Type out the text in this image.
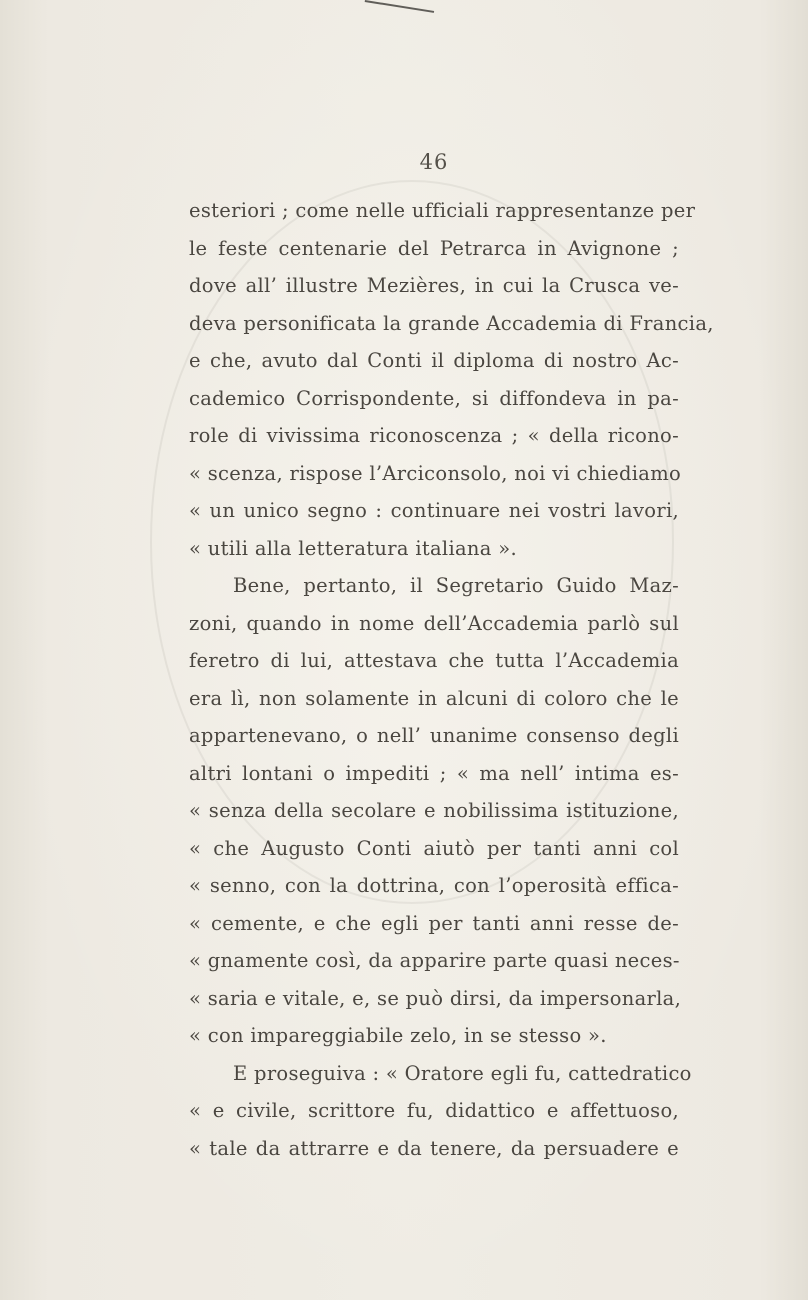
46
esteriori ; come nelle ufficiali rappresentanze per
le feste centenarie del Petrarca in Avignone ;
dove all’ illustre Mezières, in cui la Crusca ve-
deva personificata la grande Accademia di Francia,
e che, avuto dal Conti il diploma di nostro Ac-
cademico Corrispondente, si diffondeva in pa-
role di vivissima riconoscenza ; « della ricono-
« scenza, rispose l’Arciconsolo, noi vi chiediamo
« un unico segno : continuare nei vostri lavori,
« utili alla letteratura italiana ».
Bene, pertanto, il Segretario Guido Maz-
zoni, quando in nome dell’Accademia parlò sul
feretro di lui, attestava che tutta l’Accademia
era lì, non solamente in alcuni di coloro che le
appartenevano, o nell’ unanime consenso degli
altri lontani o impediti ; « ma nell’ intima es-
« senza della secolare e nobilissima istituzione,
« che Augusto Conti aiutò per tanti anni col
« senno, con la dottrina, con l’operosità effica-
« cemente, e che egli per tanti anni resse de-
« gnamente così, da apparire parte quasi neces-
« saria e vitale, e, se può dirsi, da impersonarla,
« con impareggiabile zelo, in se stesso ».
E proseguiva : « Oratore egli fu, cattedratico
« e civile, scrittore fu, didattico e affettuoso,
« tale da attrarre e da tenere, da persuadere e
